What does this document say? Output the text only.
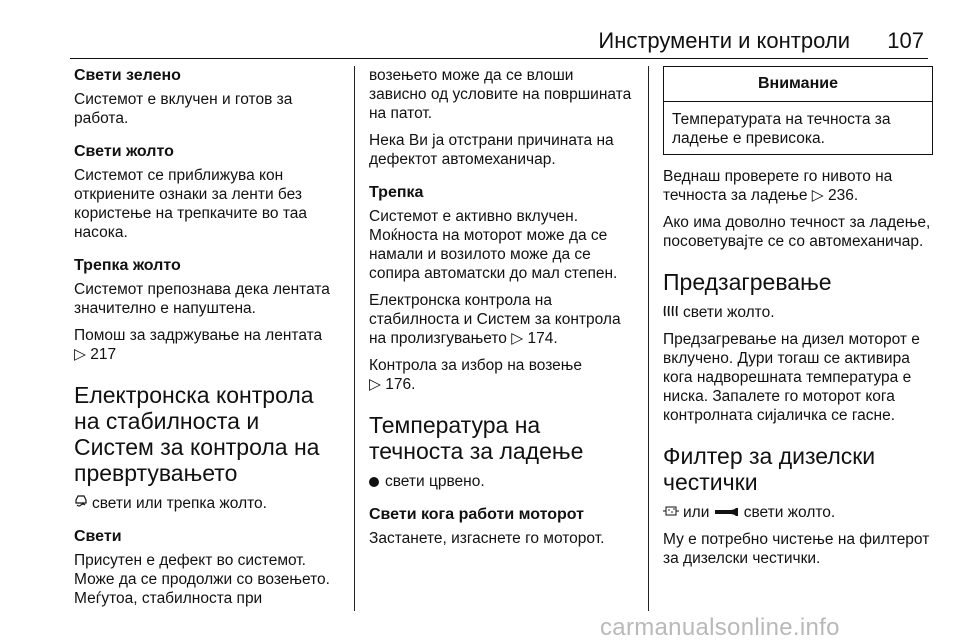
Инструменти и контроли 107
Свети зелено

Системот е вклучен и готов за работа.

Свети жолто

Системот се приближува кон откриените ознаки за ленти без користење на трепкачите во таа насока.

Трепка жолто

Системот препознава дека лентата значително е напуштена.

Помош за задржување на лентата
▷ 217

Електронска контрола на стабилноста и Систем за контрола на превртувањето

свети или трепка жолто.

Свети

Присутен е дефект во системот. Може да се продолжи со возењето. Меѓутоа, стабилноста при

возењето може да се влоши зависно од условите на површината на патот.

Нека Ви ја отстрани причината на дефектот автомеханичар.

Трепка

Системот е активно вклучен. Моќноста на моторот може да се намали и возилото може да се сопира автоматски до мал степен.

Електронска контрола на стабилноста и Систем за контрола на пролизгувањето ▷ 174.

Контрола за избор на возење
▷ 176.

Температура на течноста за ладење

свети црвено.

Свети кога работи моторот

Застанете, изгаснете го моторот.

Внимание
Температурата на течноста за ладење е превисока.

Веднаш проверете го нивото на течноста за ладење ▷ 236.

Ако има доволно течност за ладење, посоветувајте се со автомеханичар.

Предзагревање

свети жолто.

Предзагревање на дизел моторот е вклучено. Дури тогаш се активира кога надворешната температура е ниска. Запалете го моторот кога контролната сијаличка се гасне.

Филтер за дизелски честички

или свети жолто.

Му е потребно чистење на филтерот за дизелски честички.

carmanualsonline.info
